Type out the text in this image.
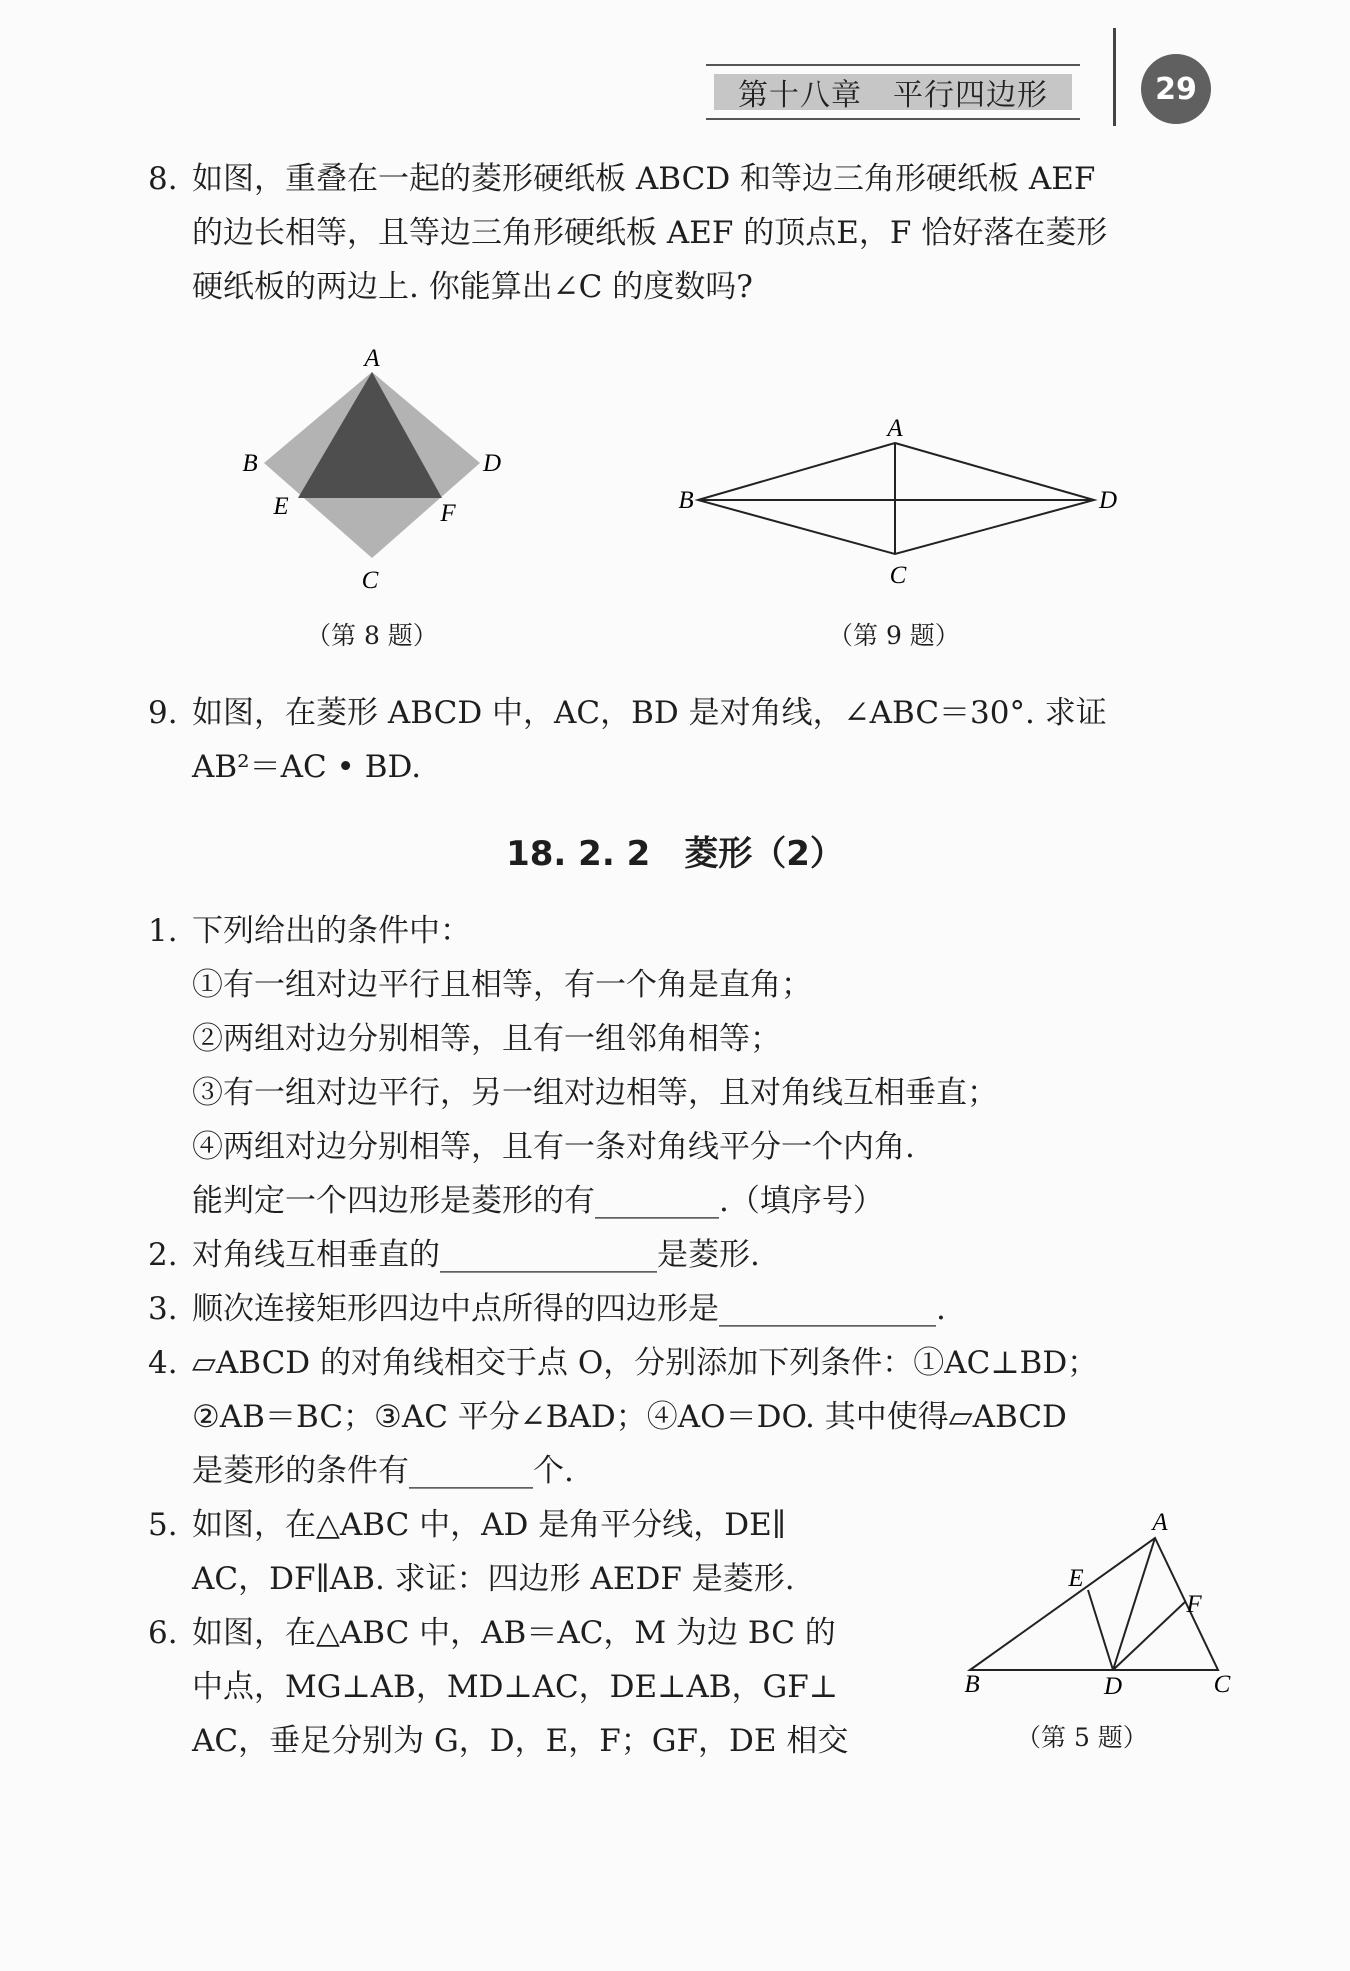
第十八章　平行四边形	29
8. 如图，重叠在一起的菱形硬纸板 ABCD 和等边三角形硬纸板 AEF
的边长相等，且等边三角形硬纸板 AEF 的顶点E，F 恰好落在菱形
硬纸板的两边上. 你能算出∠C 的度数吗?
A
B	D
E	F
C
（第 8 题）
A
B	D
C
（第 9 题）
9. 如图，在菱形 ABCD 中，AC，BD 是对角线，∠ABC＝30°. 求证
AB²＝AC • BD.
18. 2. 2　菱形（2）
1. 下列给出的条件中：
①有一组对边平行且相等，有一个角是直角；
②两组对边分别相等，且有一组邻角相等；
③有一组对边平行，另一组对边相等，且对角线互相垂直；
④两组对边分别相等，且有一条对角线平分一个内角.
能判定一个四边形是菱形的有________.（填序号）
2. 对角线互相垂直的______________是菱形.
3. 顺次连接矩形四边中点所得的四边形是______________.
4. ▱ABCD 的对角线相交于点 O，分别添加下列条件：①AC⊥BD；
②AB＝BC；③AC 平分∠BAD；④AO＝DO. 其中使得▱ABCD
是菱形的条件有________个.
5. 如图，在△ABC 中，AD 是角平分线，DE∥
AC，DF∥AB. 求证：四边形 AEDF 是菱形.
6. 如图，在△ABC 中，AB＝AC，M 为边 BC 的
中点，MG⊥AB，MD⊥AC，DE⊥AB，GF⊥
AC，垂足分别为 G，D，E，F；GF，DE 相交
A
E
F
B	D	C
（第 5 题）
